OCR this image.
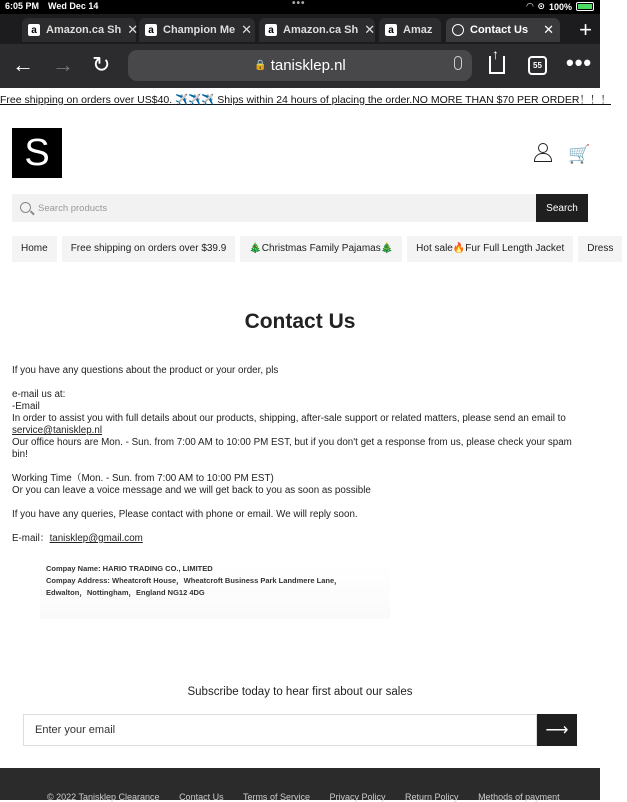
6:05 PM Wed Dec 14	•••	◠ ⊙ 100%
a Amazon.ca Sh ✕	a Champion Me ✕	a Amazon.ca Sh ✕	a Amaz	Contact Us	✕ +
← → ↻	🔒 tanisklep.nl
↑	55 •••
Free shipping on orders over US$40. ✈️✈️✈️ Ships within 24 hours of placing the order.NO MORE THAN $70 PER ORDER！！！
S	🛒
Search products
Search
Home Free shipping on orders over $39.9 🎄Christmas Family Pajamas🎄 Hot sale🔥Fur Full Length Jacket Dress
Contact Us

If you have any questions about the product or your order, pls

e-mail us at:

-Email

In order to assist you with full details about our products, shipping, after-sale support or related matters, please send an email to service@tanisklep.nl

Our office hours are Mon. - Sun. from 7:00 AM to 10:00 PM EST, but if you don't get a response from us, please check your spam bin!

Working Time（Mon. - Sun. from 7:00 AM to 10:00 PM EST)

Or you can leave a voice message and we will get back to you as soon as possible

If you have any queries, Please contact with phone or email. We will reply soon.

E-mail：tanisklep@gmail.com

Compay Name: HARIO TRADING CO., LIMITED

Compay Address: Wheatcroft House，Wheatcroft Business Park Landmere Lane，

Edwalton，Nottingham，England NG12 4DG

Subscribe today to hear first about our sales
Enter your email
⟶
© 2022 Tanisklep Clearance Contact Us Terms of Service Privacy Policy Return Policy Methods of payment
